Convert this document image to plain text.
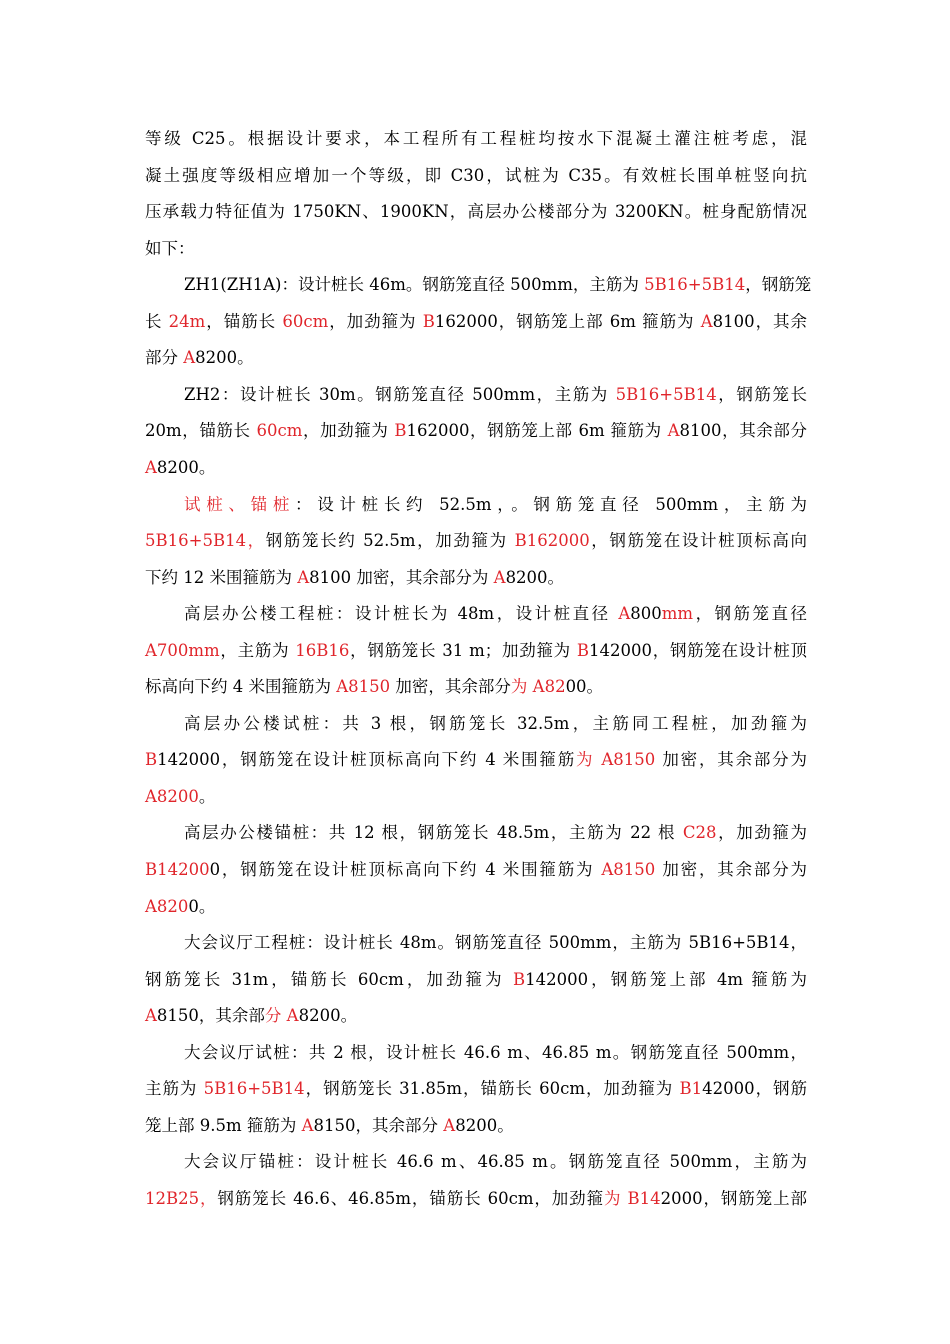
等级 C25。根据设计要求，本工程所有工程桩均按水下混凝土灌注桩考虑，混
凝土强度等级相应增加一个等级，即 C30，试桩为 C35。有效桩长围单桩竖向抗
压承载力特征值为 1750KN、1900KN，高层办公楼部分为 3200KN。桩身配筋情况
如下：
ZH1(ZH1A)：设计桩长 46m。钢筋笼直径 500mm，主筋为 5B16+5B14，钢筋笼
长 24m，锚筋长 60cm，加劲箍为 B162000，钢筋笼上部 6m 箍筋为 A8100，其余
部分 A8200。
ZH2：设计桩长 30m。钢筋笼直径 500mm，主筋为 5B16+5B14，钢筋笼长
20m，锚筋长 60cm，加劲箍为 B162000，钢筋笼上部 6m 箍筋为 A8100，其余部分
A8200。
试桩、锚桩：设计桩长约 52.5m，。钢筋笼直径 500mm，主筋为
5B16+5B14，钢筋笼长约 52.5m，加劲箍为 B162000，钢筋笼在设计桩顶标高向
下约 12 米围箍筋为 A8100 加密，其余部分为 A8200。
高层办公楼工程桩：设计桩长为 48m，设计桩直径 A800mm，钢筋笼直径
A700mm，主筋为 16B16，钢筋笼长 31 m；加劲箍为 B142000，钢筋笼在设计桩顶
标高向下约 4 米围箍筋为 A8150 加密，其余部分为 A8200。
高层办公楼试桩：共 3 根，钢筋笼长 32.5m，主筋同工程桩，加劲箍为
B142000，钢筋笼在设计桩顶标高向下约 4 米围箍筋为 A8150 加密，其余部分为
A8200。
高层办公楼锚桩：共 12 根，钢筋笼长 48.5m，主筋为 22 根 C28，加劲箍为
B142000，钢筋笼在设计桩顶标高向下约 4 米围箍筋为 A8150 加密，其余部分为
A8200。
大会议厅工程桩：设计桩长 48m。钢筋笼直径 500mm，主筋为 5B16+5B14，
钢筋笼长 31m，锚筋长 60cm，加劲箍为 B142000，钢筋笼上部 4m 箍筋为
A8150，其余部分 A8200。
大会议厅试桩：共 2 根，设计桩长 46.6 m、46.85 m。钢筋笼直径 500mm，
主筋为 5B16+5B14，钢筋笼长 31.85m，锚筋长 60cm，加劲箍为 B142000，钢筋
笼上部 9.5m 箍筋为 A8150，其余部分 A8200。
大会议厅锚桩：设计桩长 46.6 m、46.85 m。钢筋笼直径 500mm，主筋为
12B25，钢筋笼长 46.6、46.85m，锚筋长 60cm，加劲箍为 B142000，钢筋笼上部
